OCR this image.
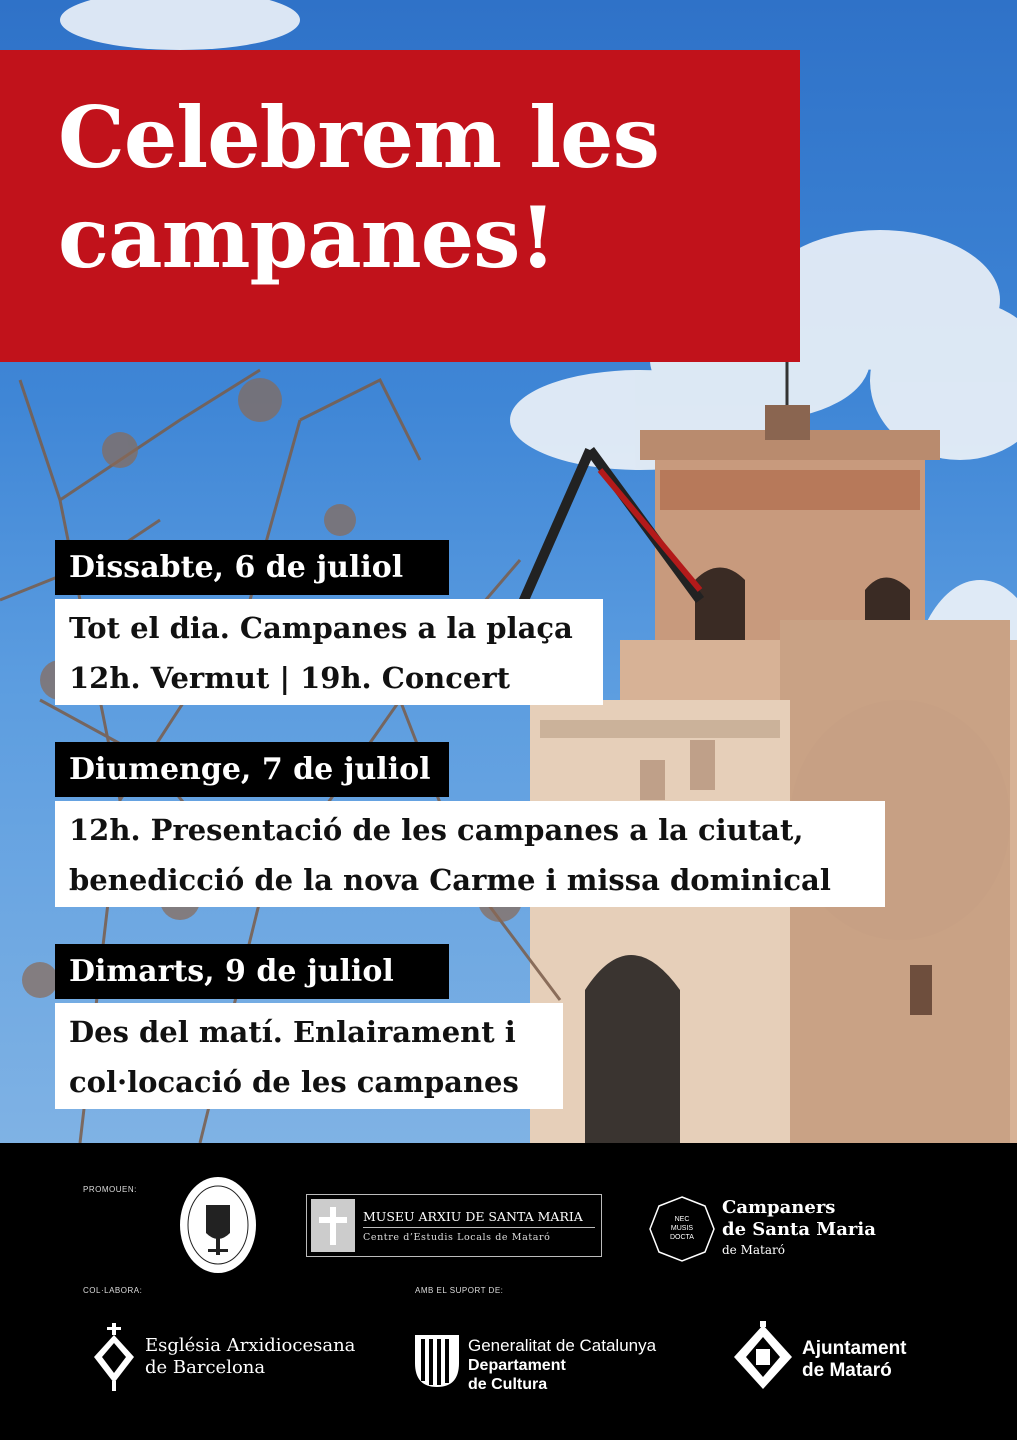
Celebrem les
campanes!
Dissabte, 6 de juliol
Tot el dia. Campanes a la plaça
12h. Vermut | 19h. Concert
Diumenge, 7 de juliol
12h. Presentació de les campanes a la ciutat,
benedicció de la nova Carme i missa dominical
Dimarts, 9 de juliol
Des del matí. Enlairament i
col·locació de les campanes
PROMOUEN:
COL·LABORA:	AMB EL SUPORT DE:
MUSEU ARXIU DE SANTA MARIA
Centre d’Estudis Locals de Mataró
NEC
MUSIS
DOCTA
Campaners
de Santa Maria
de Mataró
Església Arxidiocesana
de Barcelona
Generalitat de Catalunya
Departament
de Cultura
Ajuntament
de Mataró
